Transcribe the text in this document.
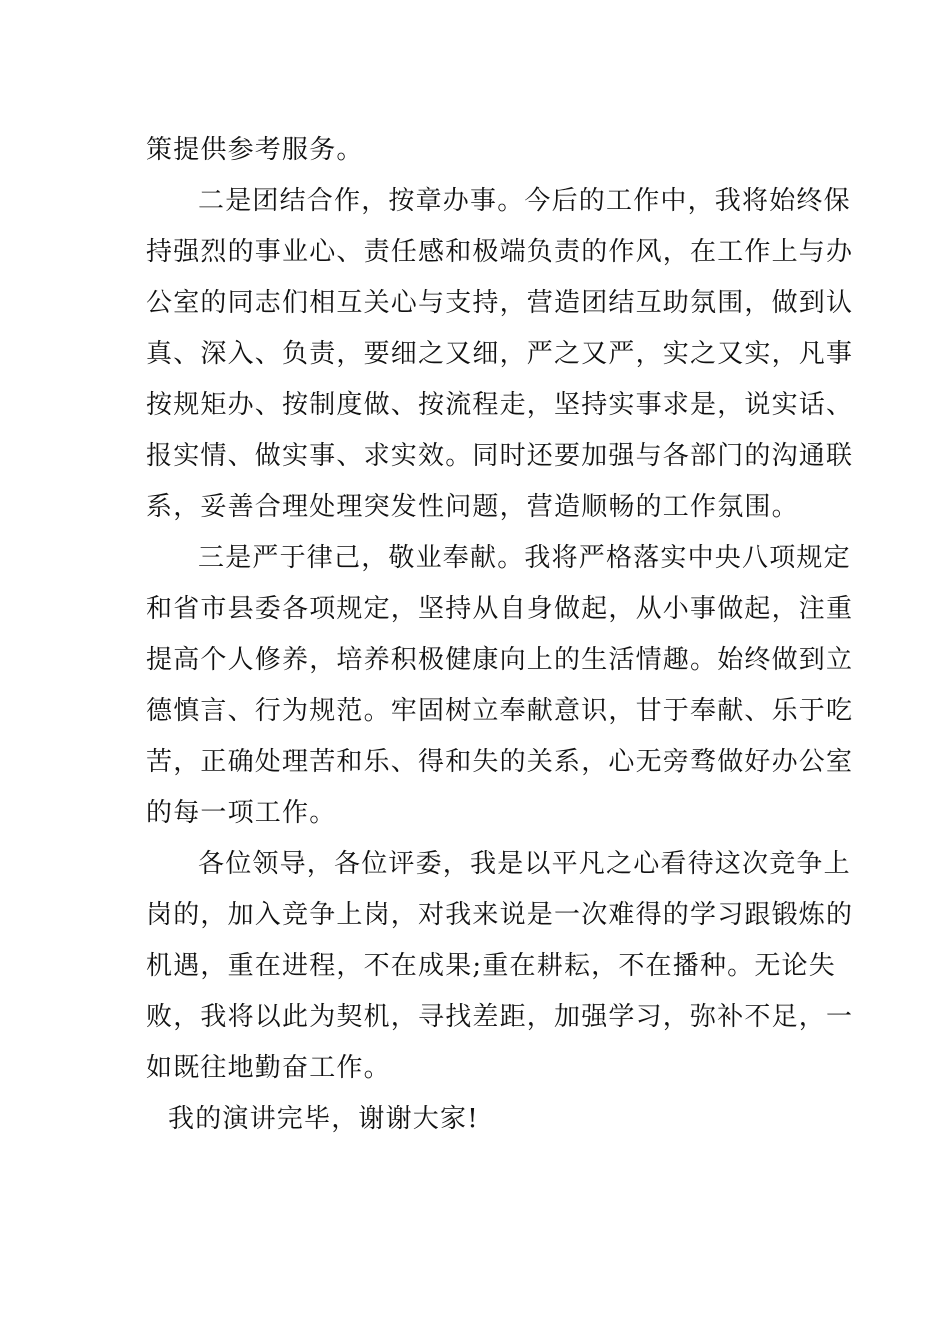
策提供参考服务。
二是团结合作，按章办事。今后的工作中，我将始终保
持强烈的事业心、责任感和极端负责的作风，在工作上与办
公室的同志们相互关心与支持，营造团结互助氛围，做到认
真、深入、负责，要细之又细，严之又严，实之又实，凡事
按规矩办、按制度做、按流程走，坚持实事求是，说实话、
报实情、做实事、求实效。同时还要加强与各部门的沟通联
系，妥善合理处理突发性问题，营造顺畅的工作氛围。
三是严于律己，敬业奉献。我将严格落实中央八项规定
和省市县委各项规定，坚持从自身做起，从小事做起，注重
提高个人修养，培养积极健康向上的生活情趣。始终做到立
德慎言、行为规范。牢固树立奉献意识，甘于奉献、乐于吃
苦，正确处理苦和乐、得和失的关系，心无旁骛做好办公室
的每一项工作。
各位领导，各位评委，我是以平凡之心看待这次竞争上
岗的，加入竞争上岗，对我来说是一次难得的学习跟锻炼的
机遇，重在进程，不在成果;重在耕耘，不在播种。无论失
败，我将以此为契机，寻找差距，加强学习，弥补不足，一
如既往地勤奋工作。
我的演讲完毕，谢谢大家!
